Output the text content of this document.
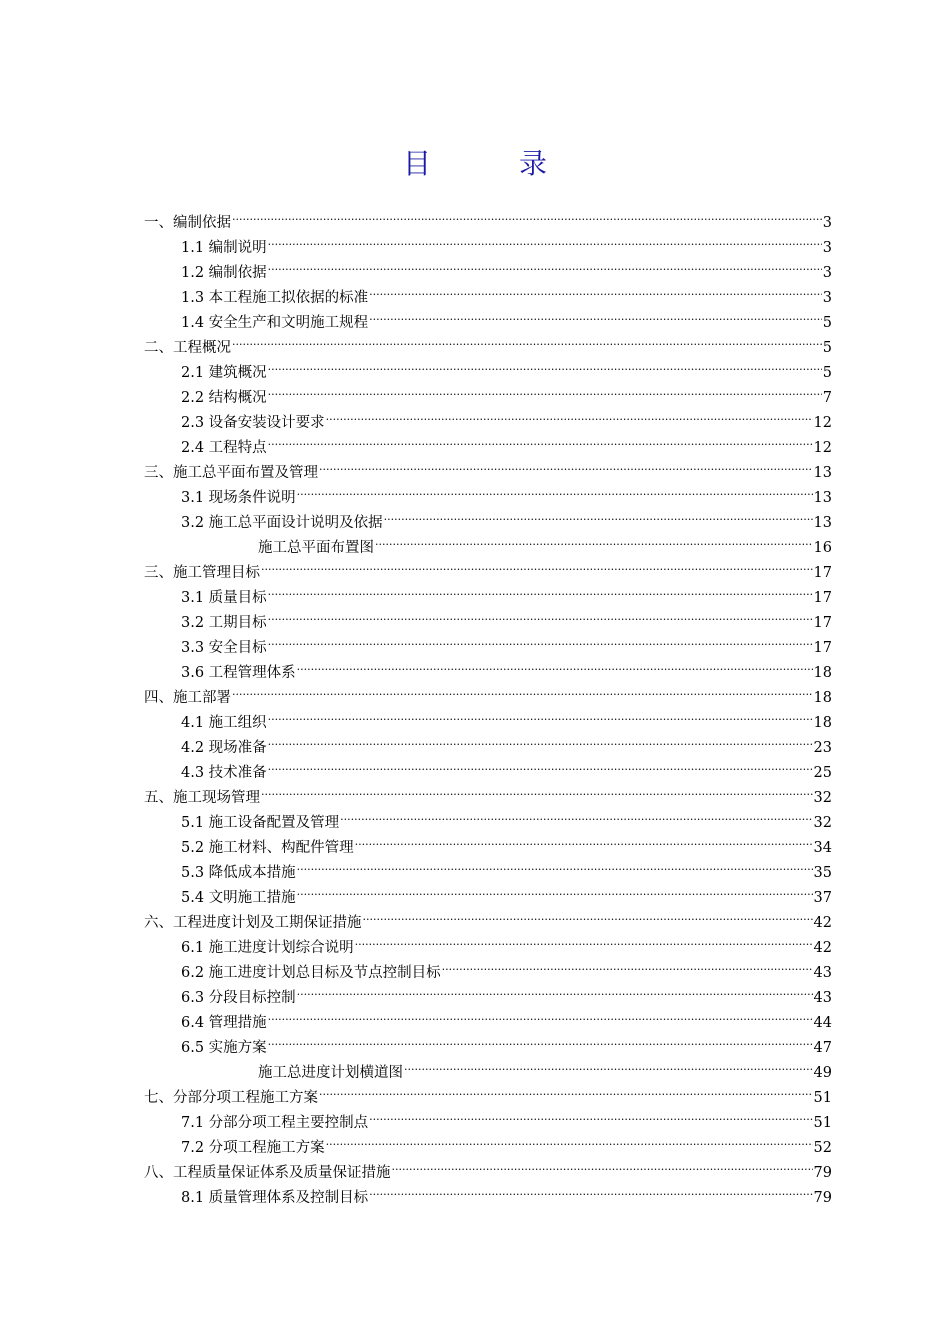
目　录
一、编制依据 .....	3
1.1 编制说明 .....	3
1.2 编制依据 .....	3
1.3 本工程施工拟依据的标准 .....	3
1.4 安全生产和文明施工规程 .....	5
二、工程概况 .....	5
2.1 建筑概况 .....	5
2.2 结构概况 .....	7
2.3 设备安装设计要求 .....	12
2.4 工程特点 .....	12
三、施工总平面布置及管理 .....	13
3.1 现场条件说明 .....	13
3.2 施工总平面设计说明及依据 .....	13
施工总平面布置图 .....	16
三、施工管理目标 .....	17
3.1 质量目标 .....	17
3.2 工期目标 .....	17
3.3 安全目标 .....	17
3.6 工程管理体系 .....	18
四、施工部署 .....	18
4.1 施工组织 .....	18
4.2 现场准备 .....	23
4.3 技术准备 .....	25
五、施工现场管理 .....	32
5.1 施工设备配置及管理 .....	32
5.2 施工材料、构配件管理 .....	34
5.3 降低成本措施 .....	35
5.4 文明施工措施 .....	37
六、工程进度计划及工期保证措施 .....	42
6.1 施工进度计划综合说明 .....	42
6.2 施工进度计划总目标及节点控制目标 .....	43
6.3 分段目标控制 .....	43
6.4 管理措施 .....	44
6.5 实施方案 .....	47
施工总进度计划横道图 .....	49
七、分部分项工程施工方案 .....	51
7.1 分部分项工程主要控制点 .....	51
7.2 分项工程施工方案 .....	52
八、工程质量保证体系及质量保证措施 .....	79
8.1 质量管理体系及控制目标 .....	79
